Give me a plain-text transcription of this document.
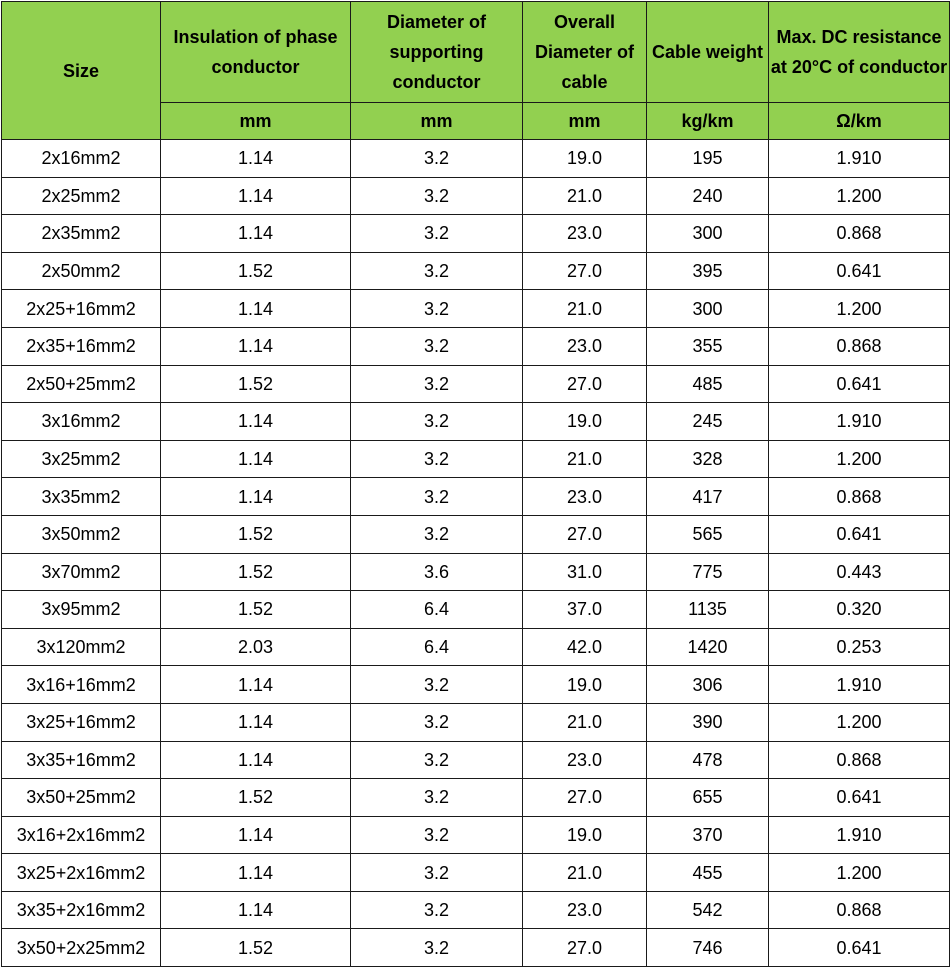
Size	Insulation of phase conductor	Diameter of supporting conductor	Overall Diameter of cable	Cable weight	Max. DC resistance at 20°C of conductor
	mm	mm	mm	kg/km	Ω/km
2x16mm2	1.14	3.2	19.0	195	1.910
2x25mm2	1.14	3.2	21.0	240	1.200
2x35mm2	1.14	3.2	23.0	300	0.868
2x50mm2	1.52	3.2	27.0	395	0.641
2x25+16mm2	1.14	3.2	21.0	300	1.200
2x35+16mm2	1.14	3.2	23.0	355	0.868
2x50+25mm2	1.52	3.2	27.0	485	0.641
3x16mm2	1.14	3.2	19.0	245	1.910
3x25mm2	1.14	3.2	21.0	328	1.200
3x35mm2	1.14	3.2	23.0	417	0.868
3x50mm2	1.52	3.2	27.0	565	0.641
3x70mm2	1.52	3.6	31.0	775	0.443
3x95mm2	1.52	6.4	37.0	1135	0.320
3x120mm2	2.03	6.4	42.0	1420	0.253
3x16+16mm2	1.14	3.2	19.0	306	1.910
3x25+16mm2	1.14	3.2	21.0	390	1.200
3x35+16mm2	1.14	3.2	23.0	478	0.868
3x50+25mm2	1.52	3.2	27.0	655	0.641
3x16+2x16mm2	1.14	3.2	19.0	370	1.910
3x25+2x16mm2	1.14	3.2	21.0	455	1.200
3x35+2x16mm2	1.14	3.2	23.0	542	0.868
3x50+2x25mm2	1.52	3.2	27.0	746	0.641
